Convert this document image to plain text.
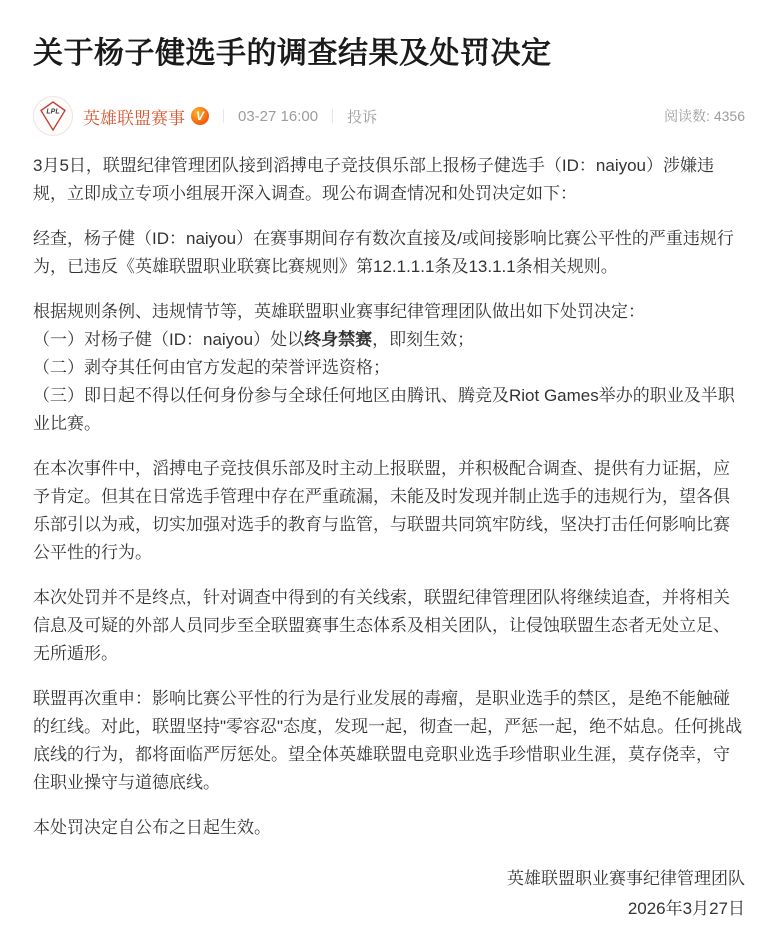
关于杨子健选手的调查结果及处罚决定
LPL 英雄联盟赛事 V	03-27 16:00 投诉	阅读数: 4356

3月5日，联盟纪律管理团队接到滔搏电子竞技俱乐部上报杨子健选手（ID：naiyou）涉嫌违规，立即成立专项小组展开深入调查。现公布调查情况和处罚决定如下：

经查，杨子健（ID：naiyou）在赛事期间存有数次直接及/或间接影响比赛公平性的严重违规行为，已违反《英雄联盟职业联赛比赛规则》第12.1.1.1条及13.1.1条相关规则。

根据规则条例、违规情节等，英雄联盟职业赛事纪律管理团队做出如下处罚决定：
（一）对杨子健（ID：naiyou）处以终身禁赛，即刻生效；
（二）剥夺其任何由官方发起的荣誉评选资格；
（三）即日起不得以任何身份参与全球任何地区由腾讯、腾竞及Riot Games举办的职业及半职业比赛。

在本次事件中，滔搏电子竞技俱乐部及时主动上报联盟，并积极配合调查、提供有力证据，应予肯定。但其在日常选手管理中存在严重疏漏，未能及时发现并制止选手的违规行为，望各俱乐部引以为戒，切实加强对选手的教育与监管，与联盟共同筑牢防线，坚决打击任何影响比赛公平性的行为。

本次处罚并不是终点，针对调查中得到的有关线索，联盟纪律管理团队将继续追查，并将相关信息及可疑的外部人员同步至全联盟赛事生态体系及相关团队，让侵蚀联盟生态者无处立足、无所遁形。

联盟再次重申：影响比赛公平性的行为是行业发展的毒瘤，是职业选手的禁区，是绝不能触碰的红线。对此，联盟坚持"零容忍"态度，发现一起，彻查一起，严惩一起，绝不姑息。任何挑战底线的行为，都将面临严厉惩处。望全体英雄联盟电竞职业选手珍惜职业生涯，莫存侥幸，守住职业操守与道德底线。

本处罚决定自公布之日起生效。

英雄联盟职业赛事纪律管理团队
2026年3月27日
